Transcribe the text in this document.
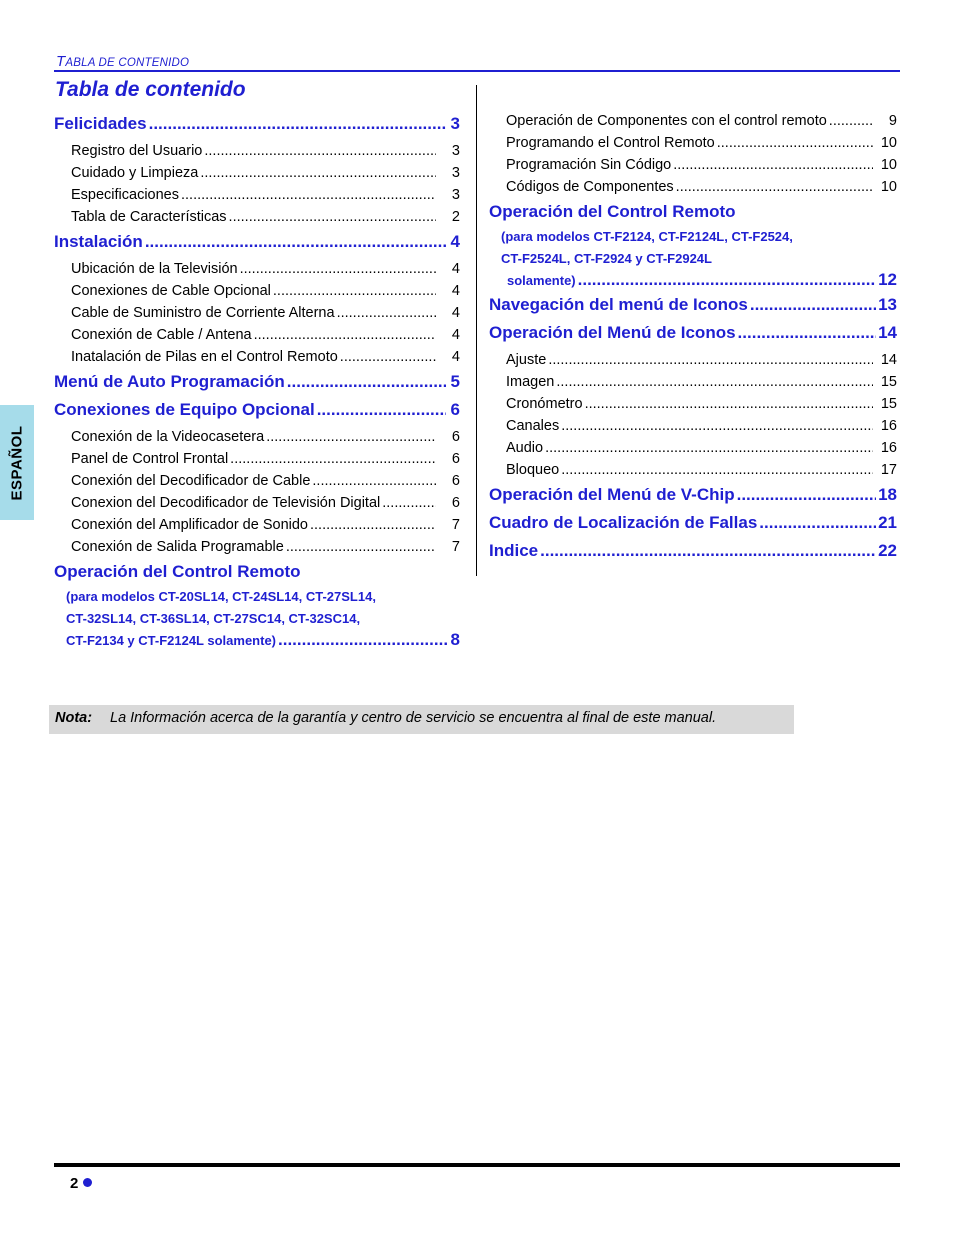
TABLA DE CONTENIDO
Tabla de contenido
ESPAÑOL
Felicidades .....	3
Registro del Usuario .....	3
Cuidado y Limpieza .....	3
Especificaciones .....	3
Tabla de Características .....	2
Instalación .....	4
Ubicación de la Televisión .....	4
Conexiones de Cable Opcional .....	4
Cable de Suministro de Corriente Alterna .....	4
Conexión de Cable / Antena .....	4
Inatalación de Pilas en el Control Remoto .....	4
Menú de Auto Programación .....	5
Conexiones de Equipo Opcional .....	6
Conexión de la Videocasetera .....	6
Panel de Control Frontal .....	6
Conexión del Decodificador de Cable .....	6
Conexion del Decodificador de Televisión Digital .....	6
Conexión del Amplificador de Sonido .....	7
Conexión de Salida Programable .....	7
Operación del Control Remoto
(para modelos CT-20SL14, CT-24SL14, CT-27SL14,
CT-32SL14, CT-36SL14, CT-27SC14, CT-32SC14,
CT-F2134 y CT-F2124L solamente) .....	8
Operación de Componentes con el control remoto .....	9
Programando el Control Remoto .....	10
Programación Sin Código .....	10
Códigos de Componentes .....	10
Operación del Control Remoto
(para modelos CT-F2124, CT-F2124L, CT-F2524,
CT-F2524L, CT-F2924 y CT-F2924L
solamente) .....	12
Navegación del menú de Iconos .....	13
Operación del Menú de Iconos .....	14
Ajuste .....	14
Imagen .....	15
Cronómetro .....	15
Canales .....	16
Audio .....	16
Bloqueo .....	17
Operación del Menú de V-Chip .....	18
Cuadro de Localización de Fallas .....	21
Indice .....	22
Nota: La Información acerca de la garantía y centro de servicio se encuentra al final de este manual.
2
